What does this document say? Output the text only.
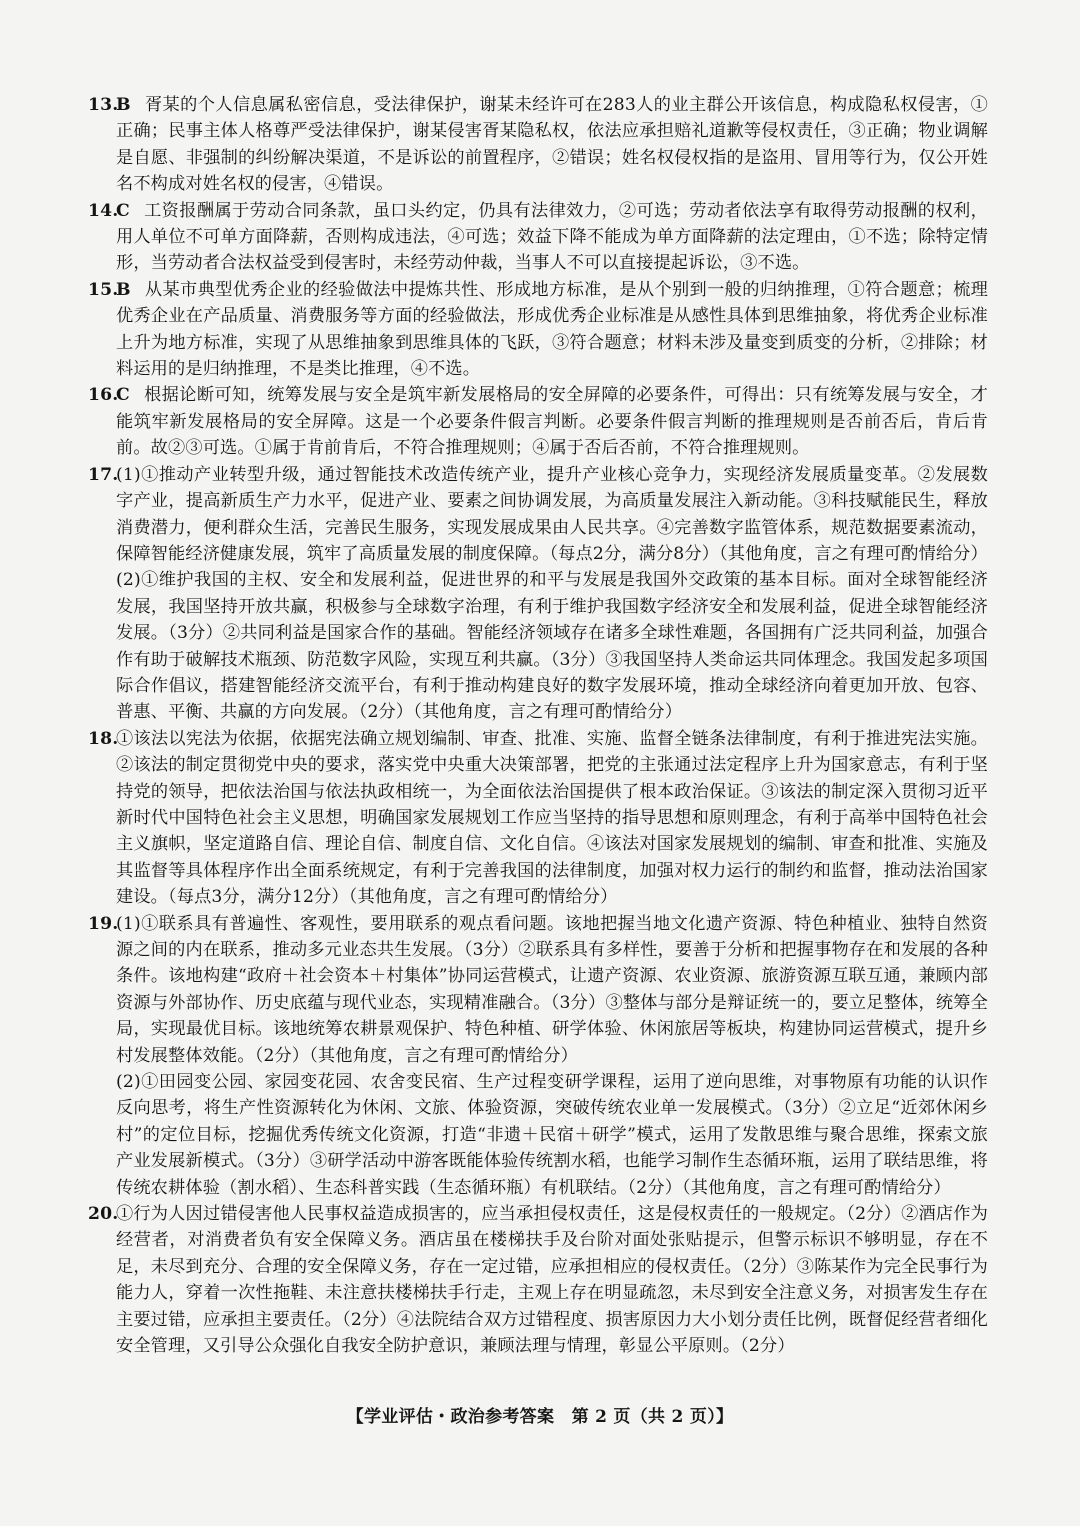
13.
B 胥某的个人信息属私密信息，受法律保护，谢某未经许可在283人的业主群公开该信息，构成隐私权侵害，①正确；民事主体人格尊严受法律保护，谢某侵害胥某隐私权，依法应承担赔礼道歉等侵权责任，③正确；物业调解是自愿、非强制的纠纷解决渠道，不是诉讼的前置程序，②错误；姓名权侵权指的是盗用、冒用等行为，仅公开姓名不构成对姓名权的侵害，④错误。
14.
C 工资报酬属于劳动合同条款，虽口头约定，仍具有法律效力，②可选；劳动者依法享有取得劳动报酬的权利，用人单位不可单方面降薪，否则构成违法，④可选；效益下降不能成为单方面降薪的法定理由，①不选；除特定情形，当劳动者合法权益受到侵害时，未经劳动仲裁，当事人不可以直接提起诉讼，③不选。
15.
B 从某市典型优秀企业的经验做法中提炼共性、形成地方标准，是从个别到一般的归纳推理，①符合题意；梳理优秀企业在产品质量、消费服务等方面的经验做法，形成优秀企业标准是从感性具体到思维抽象，将优秀企业标准上升为地方标准，实现了从思维抽象到思维具体的飞跃，③符合题意；材料未涉及量变到质变的分析，②排除；材料运用的是归纳推理，不是类比推理，④不选。
16.
C 根据论断可知，统筹发展与安全是筑牢新发展格局的安全屏障的必要条件，可得出：只有统筹发展与安全，才能筑牢新发展格局的安全屏障。这是一个必要条件假言判断。必要条件假言判断的推理规则是否前否后，肯后肯前。故②③可选。①属于肯前肯后，不符合推理规则；④属于否后否前，不符合推理规则。
17.
(1)①推动产业转型升级，通过智能技术改造传统产业，提升产业核心竞争力，实现经济发展质量变革。②发展数字产业，提高新质生产力水平，促进产业、要素之间协调发展，为高质量发展注入新动能。③科技赋能民生，释放消费潜力，便利群众生活，完善民生服务，实现发展成果由人民共享。④完善数字监管体系，规范数据要素流动，保障智能经济健康发展，筑牢了高质量发展的制度保障。（每点2分，满分8分）（其他角度，言之有理可酌情给分）
(2)①维护我国的主权、安全和发展利益，促进世界的和平与发展是我国外交政策的基本目标。面对全球智能经济发展，我国坚持开放共赢，积极参与全球数字治理，有利于维护我国数字经济安全和发展利益，促进全球智能经济发展。（3分）②共同利益是国家合作的基础。智能经济领域存在诸多全球性难题，各国拥有广泛共同利益，加强合作有助于破解技术瓶颈、防范数字风险，实现互利共赢。（3分）③我国坚持人类命运共同体理念。我国发起多项国际合作倡议，搭建智能经济交流平台，有利于推动构建良好的数字发展环境，推动全球经济向着更加开放、包容、普惠、平衡、共赢的方向发展。（2分）（其他角度，言之有理可酌情给分）
18.
①该法以宪法为依据，依据宪法确立规划编制、审查、批准、实施、监督全链条法律制度，有利于推进宪法实施。②该法的制定贯彻党中央的要求，落实党中央重大决策部署，把党的主张通过法定程序上升为国家意志，有利于坚持党的领导，把依法治国与依法执政相统一，为全面依法治国提供了根本政治保证。③该法的制定深入贯彻习近平新时代中国特色社会主义思想，明确国家发展规划工作应当坚持的指导思想和原则理念，有利于高举中国特色社会主义旗帜，坚定道路自信、理论自信、制度自信、文化自信。④该法对国家发展规划的编制、审查和批准、实施及其监督等具体程序作出全面系统规定，有利于完善我国的法律制度，加强对权力运行的制约和监督，推动法治国家建设。（每点3分，满分12分）（其他角度，言之有理可酌情给分）
19.
(1)①联系具有普遍性、客观性，要用联系的观点看问题。该地把握当地文化遗产资源、特色种植业、独特自然资源之间的内在联系，推动多元业态共生发展。（3分）②联系具有多样性，要善于分析和把握事物存在和发展的各种条件。该地构建“政府＋社会资本＋村集体”协同运营模式，让遗产资源、农业资源、旅游资源互联互通，兼顾内部资源与外部协作、历史底蕴与现代业态，实现精准融合。（3分）③整体与部分是辩证统一的，要立足整体，统筹全局，实现最优目标。该地统筹农耕景观保护、特色种植、研学体验、休闲旅居等板块，构建协同运营模式，提升乡村发展整体效能。（2分）（其他角度，言之有理可酌情给分）
(2)①田园变公园、家园变花园、农舍变民宿、生产过程变研学课程，运用了逆向思维，对事物原有功能的认识作反向思考，将生产性资源转化为休闲、文旅、体验资源，突破传统农业单一发展模式。（3分）②立足“近郊休闲乡村”的定位目标，挖掘优秀传统文化资源，打造“非遗＋民宿＋研学”模式，运用了发散思维与聚合思维，探索文旅产业发展新模式。（3分）③研学活动中游客既能体验传统割水稻，也能学习制作生态循环瓶，运用了联结思维，将传统农耕体验（割水稻）、生态科普实践（生态循环瓶）有机联结。（2分）（其他角度，言之有理可酌情给分）
20.
①行为人因过错侵害他人民事权益造成损害的，应当承担侵权责任，这是侵权责任的一般规定。（2分）②酒店作为经营者，对消费者负有安全保障义务。酒店虽在楼梯扶手及台阶对面处张贴提示，但警示标识不够明显，存在不足，未尽到充分、合理的安全保障义务，存在一定过错，应承担相应的侵权责任。（2分）③陈某作为完全民事行为能力人，穿着一次性拖鞋、未注意扶楼梯扶手行走，主观上存在明显疏忽，未尽到安全注意义务，对损害发生存在主要过错，应承担主要责任。（2分）④法院结合双方过错程度、损害原因力大小划分责任比例，既督促经营者细化安全管理，又引导公众强化自我安全防护意识，兼顾法理与情理，彰显公平原则。（2分）
【学业评估・政治参考答案　第 2 页（共 2 页）】
